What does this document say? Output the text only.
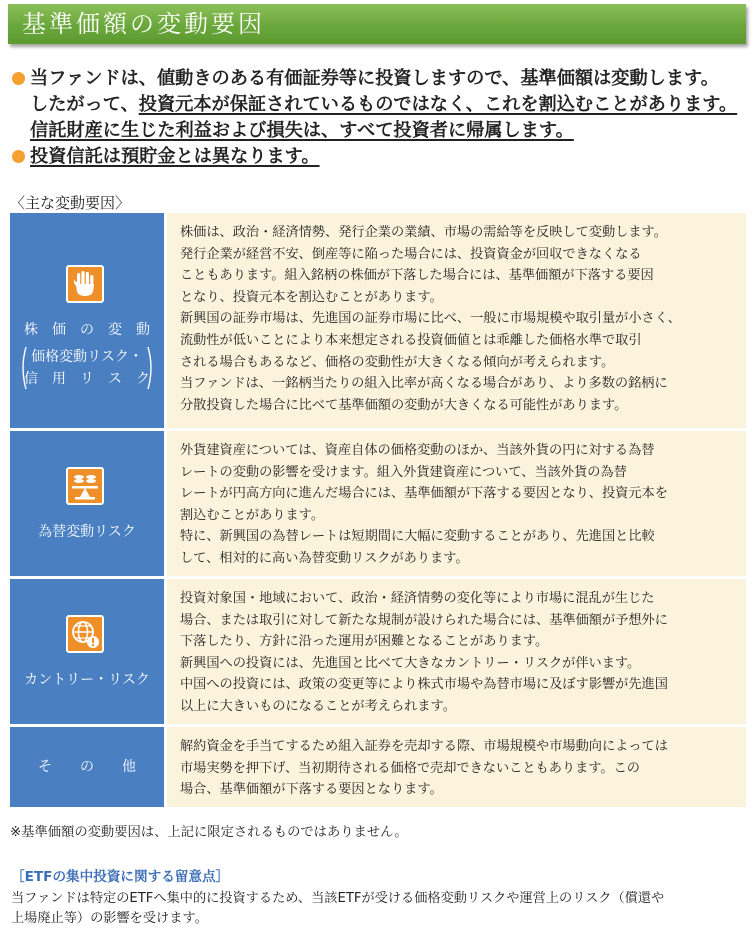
基準価額の変動要因
当ファンドは、値動きのある有価証券等に投資しますので、基準価額は変動します。
したがって、投資元本が保証されているものではなく、これを割込むことがあります。
信託財産に生じた利益および損失は、すべて投資者に帰属します。
投資信託は預貯金とは異なります。
〈主な変動要因〉
株　価　の　変　動
価格変動リスク・
信　用　リ　ス　ク
株価は、政治・経済情勢、発行企業の業績、市場の需給等を反映して変動します。
発行企業が経営不安、倒産等に陥った場合には、投資資金が回収できなくなる
こともあります。組入銘柄の株価が下落した場合には、基準価額が下落する要因
となり、投資元本を割込むことがあります。
新興国の証券市場は、先進国の証券市場に比べ、一般に市場規模や取引量が小さく、
流動性が低いことにより本来想定される投資価値とは乖離した価格水準で取引
される場合もあるなど、価格の変動性が大きくなる傾向が考えられます。
当ファンドは、一銘柄当たりの組入比率が高くなる場合があり、より多数の銘柄に
分散投資した場合に比べて基準価額の変動が大きくなる可能性があります。
為替変動リスク
外貨建資産については、資産自体の価格変動のほか、当該外貨の円に対する為替
レートの変動の影響を受けます。組入外貨建資産について、当該外貨の為替
レートが円高方向に進んだ場合には、基準価額が下落する要因となり、投資元本を
割込むことがあります。
特に、新興国の為替レートは短期間に大幅に変動することがあり、先進国と比較
して、相対的に高い為替変動リスクがあります。
カントリー・リスク
投資対象国・地域において、政治・経済情勢の変化等により市場に混乱が生じた
場合、または取引に対して新たな規制が設けられた場合には、基準価額が予想外に
下落したり、方針に沿った運用が困難となることがあります。
新興国への投資には、先進国と比べて大きなカントリー・リスクが伴います。
中国への投資には、政策の変更等により株式市場や為替市場に及ぼす影響が先進国
以上に大きいものになることが考えられます。
そ　　の　　他
解約資金を手当てするため組入証券を売却する際、市場規模や市場動向によっては
市場実勢を押下げ、当初期待される価格で売却できないこともあります。この
場合、基準価額が下落する要因となります。
※基準価額の変動要因は、上記に限定されるものではありません。
［ETFの集中投資に関する留意点］
当ファンドは特定のETFへ集中的に投資するため、当該ETFが受ける価格変動リスクや運営上のリスク（償還や
上場廃止等）の影響を受けます。
